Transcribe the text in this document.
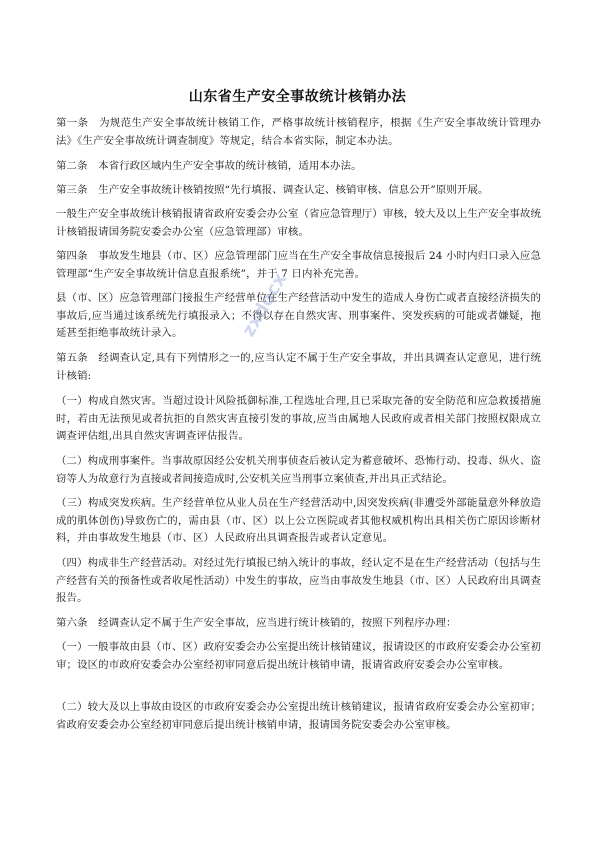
山东省生产安全事故统计核销办法

第一条　为规范生产安全事故统计核销工作，严格事故统计核销程序，根据《生产安全事故统计管理办法》《生产安全事故统计调查制度》等规定，结合本省实际，制定本办法。

第二条　本省行政区域内生产安全事故的统计核销，适用本办法。

第三条　生产安全事故统计核销按照“先行填报、调查认定、核销审核、信息公开”原则开展。

一般生产安全事故统计核销报请省政府安委会办公室（省应急管理厅）审核，较大及以上生产安全事故统计核销报请国务院安委会办公室（应急管理部）审核。

第四条　事故发生地县（市、区）应急管理部门应当在生产安全事故信息接报后 24 小时内归口录入应急管理部“生产安全事故统计信息直报系统”，并于 7 日内补充完善。

县（市、区）应急管理部门接报生产经营单位在生产经营活动中发生的造成人身伤亡或者直接经济损失的事故后,应当通过该系统先行填报录入；不得以存在自然灾害、刑事案件、突发疾病的可能或者嫌疑，拖延甚至拒绝事故统计录入。

第五条　经调查认定,具有下列情形之一的,应当认定不属于生产安全事故，并出具调查认定意见，进行统计核销:

（一）构成自然灾害。当超过设计风险抵御标准,工程选址合理,且已采取完备的安全防范和应急救援措施时，若由无法预见或者抗拒的自然灾害直接引发的事故,应当由属地人民政府或者相关部门按照权限成立调查评估组,出具自然灾害调查评估报告。

（二）构成刑事案件。当事故原因经公安机关刑事侦查后被认定为蓄意破坏、恐怖行动、投毒、纵火、盗窃等人为故意行为直接或者间接造成时,公安机关应当刑事立案侦查,并出具正式结论。

（三）构成突发疾病。生产经营单位从业人员在生产经营活动中,因突发疾病(非遭受外部能量意外释放造成的肌体创伤)导致伤亡的，需由县（市、区）以上公立医院或者其他权威机构出具相关伤亡原因诊断材料，并由事故发生地县（市、区）人民政府出具调查报告或者认定意见。

（四）构成非生产经营活动。对经过先行填报已纳入统计的事故，经认定不是在生产经营活动（包括与生产经营有关的预备性或者收尾性活动）中发生的事故，应当由事故发生地县（市、区）人民政府出具调查报告。

第六条　经调查认定不属于生产安全事故，应当进行统计核销的，按照下列程序办理：

（一）一般事故由县（市、区）政府安委会办公室提出统计核销建议，报请设区的市政府安委会办公室初审；设区的市政府安委会办公室经初审同意后提出统计核销申请，报请省政府安委会办公室审核。

（二）较大及以上事故由设区的市政府安委会办公室提出统计核销建议，报请省政府安委会办公室初审；省政府安委会办公室经初审同意后提出统计核销申请，报请国务院安委会办公室审核。

zxdocx
